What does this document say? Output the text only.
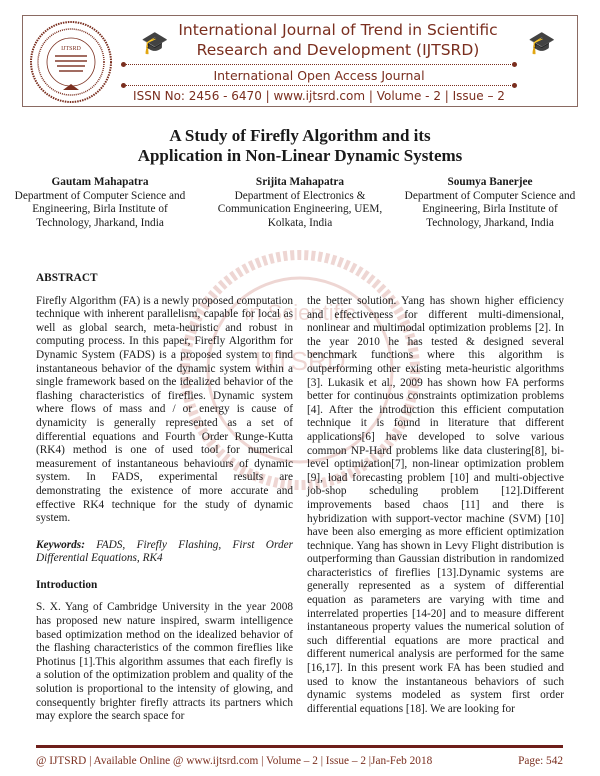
IJTSRD	🎓	🎓
International Journal of Trend in Scientific
Research and Development (IJTSRD)
International Open Access Journal
ISSN No: 2456 - 6470 | www.ijtsrd.com | Volume - 2 | Issue – 2
in Scientific
IJTSRD
A Study of Firefly Algorithm and its
Application in Non-Linear Dynamic Systems
Gautam Mahapatra
Department of Computer Science and Engineering, Birla Institute of Technology, Jharkand, India
Srijita Mahapatra
Department of Electronics & Communication Engineering, UEM, Kolkata, India
Soumya Banerjee
Department of Computer Science and Engineering, Birla Institute of Technology, Jharkand, India

ABSTRACT

Firefly Algorithm (FA) is a newly proposed computation technique with inherent parallelism, capable for local as well as global search, meta-heuristic and robust in computing process. In this paper, Firefly Algorithm for Dynamic System (FADS) is a proposed system to find instantaneous behavior of the dynamic system within a single framework based on the idealized behavior of the flashing characteristics of fireflies. Dynamic system where flows of mass and / or energy is cause of dynamicity is generally represented as a set of differential equations and Fourth Order Runge-Kutta (RK4) method is one of used tool for numerical measurement of instantaneous behaviours of dynamic system. In FADS, experimental results are demonstrating the existence of more accurate and effective RK4 technique for the study of dynamic system.

Keywords: FADS, Firefly Flashing, First Order Differential Equations, RK4

Introduction

S. X. Yang of Cambridge University in the year 2008 has proposed new nature inspired, swarm intelligence based optimization method on the idealized behavior of the flashing characteristics of the common fireflies like Photinus [1].This algorithm assumes that each firefly is a solution of the optimization problem and quality of the solution is proportional to the intensity of glowing, and consequently brighter firefly attracts its partners which may explore the search space for

the better solution. Yang has shown higher efficiency and effectiveness for different multi-dimensional, nonlinear and multimodal optimization problems [2]. In the year 2010 he has tested & designed several benchmark functions where this algorithm is outperforming other existing meta-heuristic algorithms [3]. Lukasik et al., 2009 has shown how FA performs better for continuous constraints optimization problems [4]. After the introduction this efficient computation technique it is found in literature that different applications[6] have developed to solve various common NP-Hard problems like data clustering[8], bi-level optimization[7], non-linear optimization problem [9], load forecasting problem [10] and multi-objective job-shop scheduling problem [12].Different improvements based chaos [11] and there is hybridization with support-vector machine (SVM) [10] have been also emerging as more efficient optimization technique. Yang has shown in Levy Flight distribution is outperforming than Gaussian distribution in randomized characteristics of fireflies [13].Dynamic systems are generally represented as a system of differential equation as parameters are varying with time and interrelated properties [14-20] and to measure different instantaneous property values the numerical solution of such differential equations are more practical and different numerical analysis are performed for the same [16,17]. In this present work FA has been studied and used to know the instantaneous behaviors of such dynamic systems modeled as system first order differential equations [18]. We are looking for

@ IJTSRD | Available Online @ www.ijtsrd.com | Volume – 2 | Issue – 2 |Jan-Feb 2018	Page: 542
